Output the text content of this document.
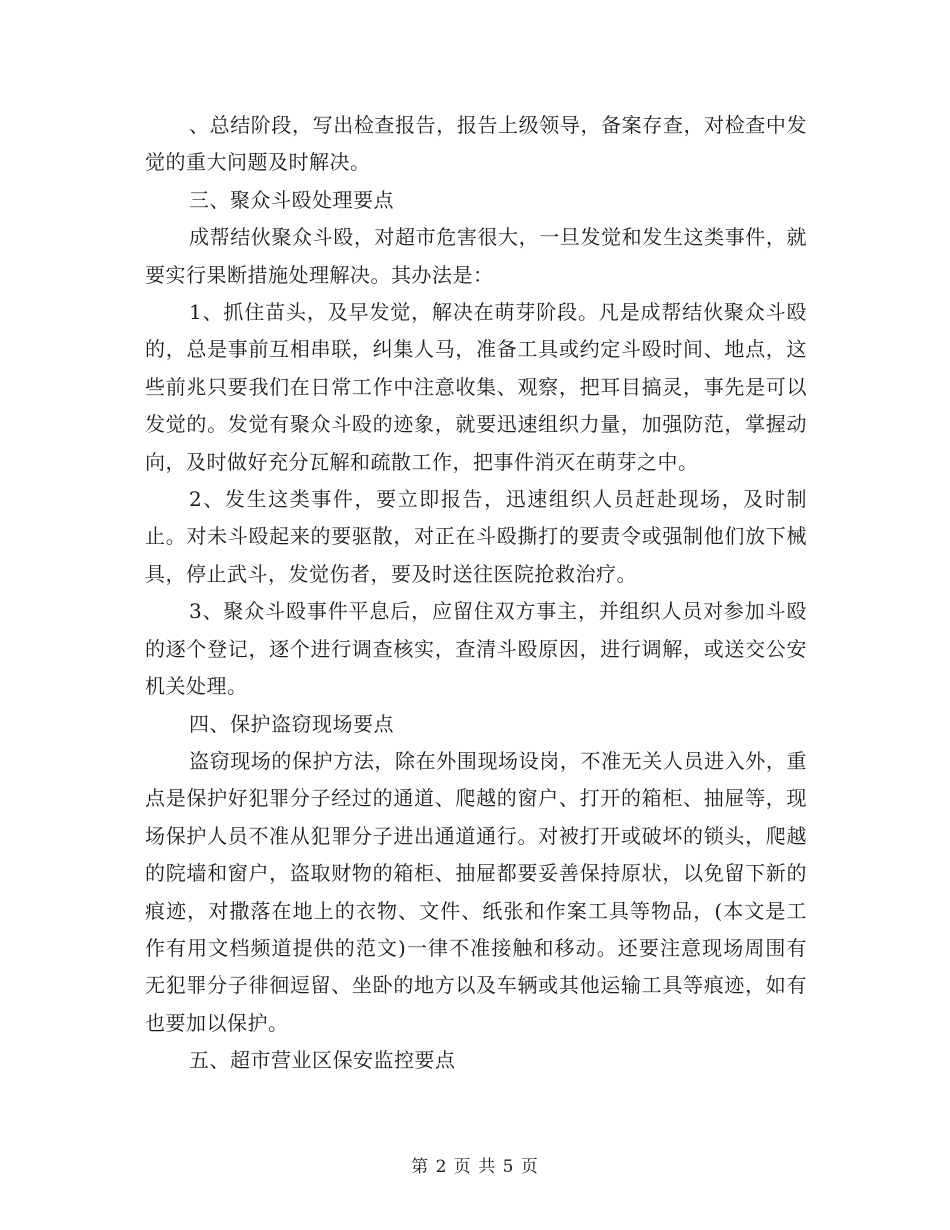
、总结阶段，写出检查报告，报告上级领导，备案存查，对检查中发觉的重大问题及时解决。

三、聚众斗殴处理要点

成帮结伙聚众斗殴，对超市危害很大，一旦发觉和发生这类事件，就要实行果断措施处理解决。其办法是：

1、抓住苗头，及早发觉，解决在萌芽阶段。凡是成帮结伙聚众斗殴的，总是事前互相串联，纠集人马，准备工具或约定斗殴时间、地点，这些前兆只要我们在日常工作中注意收集、观察，把耳目搞灵，事先是可以发觉的。发觉有聚众斗殴的迹象，就要迅速组织力量，加强防范，掌握动向，及时做好充分瓦解和疏散工作，把事件消灭在萌芽之中。

2、发生这类事件，要立即报告，迅速组织人员赶赴现场，及时制止。对未斗殴起来的要驱散，对正在斗殴撕打的要责令或强制他们放下械具，停止武斗，发觉伤者，要及时送往医院抢救治疗。

3、聚众斗殴事件平息后，应留住双方事主，并组织人员对参加斗殴的逐个登记，逐个进行调查核实，查清斗殴原因，进行调解，或送交公安机关处理。

四、保护盗窃现场要点

盗窃现场的保护方法，除在外围现场设岗，不准无关人员进入外，重点是保护好犯罪分子经过的通道、爬越的窗户、打开的箱柜、抽屉等，现场保护人员不准从犯罪分子进出通道通行。对被打开或破坏的锁头，爬越的院墙和窗户，盗取财物的箱柜、抽屉都要妥善保持原状，以免留下新的痕迹，对撒落在地上的衣物、文件、纸张和作案工具等物品，(本文是工作有用文档频道提供的范文)一律不准接触和移动。还要注意现场周围有无犯罪分子徘徊逗留、坐卧的地方以及车辆或其他运输工具等痕迹，如有也要加以保护。

五、超市营业区保安监控要点

第 2 页 共 5 页
